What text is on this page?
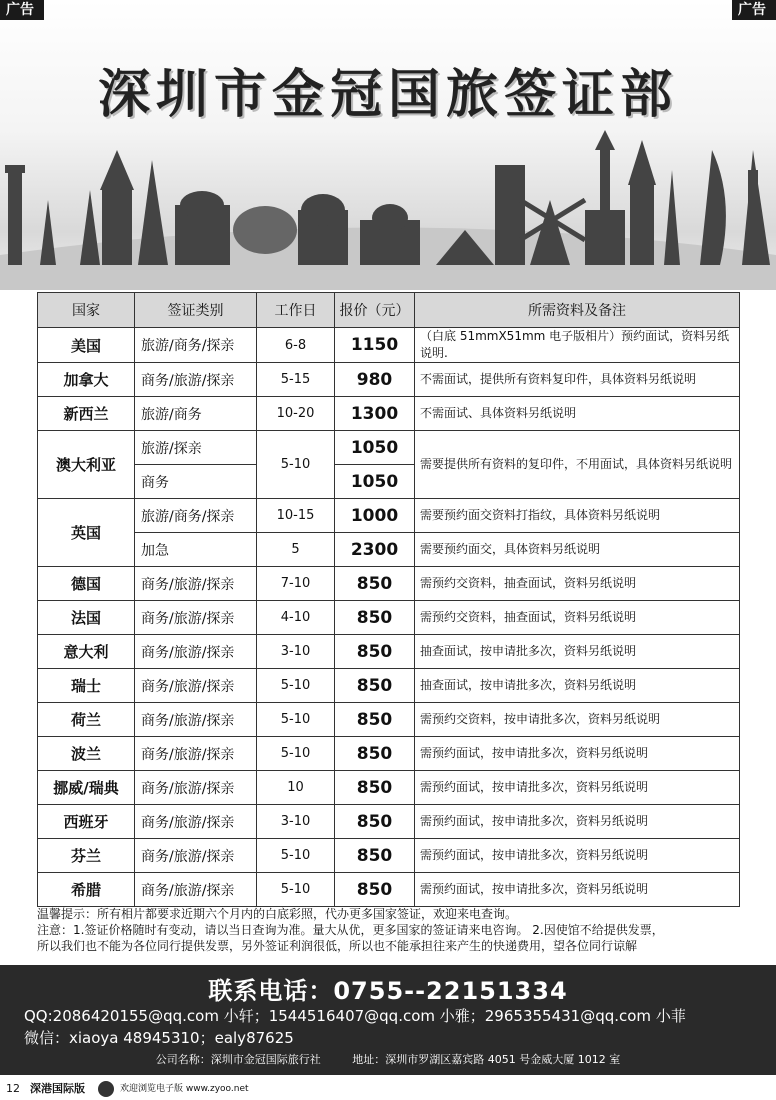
深圳市金冠国旅签证部
广告	广告
国家	签证类别	工作日	报价（元）	所需资料及备注
美国	旅游/商务/探亲	6-8	1150	（白底 51mmX51mm 电子版相片）预约面试，资料另纸说明.
加拿大	商务/旅游/探亲	5-15	980	不需面试，提供所有资料复印件，具体资料另纸说明
新西兰	旅游/商务	10-20	1300	不需面试、具体资料另纸说明
澳大利亚	旅游/探亲	5-10	1050	需要提供所有资料的复印件，不用面试，具体资料另纸说明
	商务		1050	
英国	旅游/商务/探亲	10-15	1000	需要预约面交资料打指纹，具体资料另纸说明
	加急	5	2300	需要预约面交，具体资料另纸说明
德国	商务/旅游/探亲	7-10	850	需预约交资料，抽查面试，资料另纸说明
法国	商务/旅游/探亲	4-10	850	需预约交资料，抽查面试，资料另纸说明
意大利	商务/旅游/探亲	3-10	850	抽查面试，按申请批多次，资料另纸说明
瑞士	商务/旅游/探亲	5-10	850	抽查面试，按申请批多次，资料另纸说明
荷兰	商务/旅游/探亲	5-10	850	需预约交资料，按申请批多次，资料另纸说明
波兰	商务/旅游/探亲	5-10	850	需预约面试，按申请批多次，资料另纸说明
挪威/瑞典	商务/旅游/探亲	10	850	需预约面试，按申请批多次，资料另纸说明
西班牙	商务/旅游/探亲	3-10	850	需预约面试，按申请批多次，资料另纸说明
芬兰	商务/旅游/探亲	5-10	850	需预约面试，按申请批多次，资料另纸说明
希腊	商务/旅游/探亲	5-10	850	需预约面试，按申请批多次，资料另纸说明
温馨提示：所有相片都要求近期六个月内的白底彩照，代办更多国家签证，欢迎来电查询。
注意：1.签证价格随时有变动，请以当日查询为准。量大从优，更多国家的签证请来电咨询。 2.因使馆不给提供发票，
所以我们也不能为各位同行提供发票，另外签证利润很低，所以也不能承担往来产生的快递费用，望各位同行谅解
联系电话：0755--22151334
QQ:2086420155@qq.com 小轩；1544516407@qq.com 小雅；2965355431@qq.com 小菲
微信：xiaoya 48945310；ealy87625
公司名称：深圳市金冠国际旅行社	地址：深圳市罗湖区嘉宾路 4051 号金威大厦 1012 室
12 深港国际版	欢迎浏览电子版 www.zyoo.net
